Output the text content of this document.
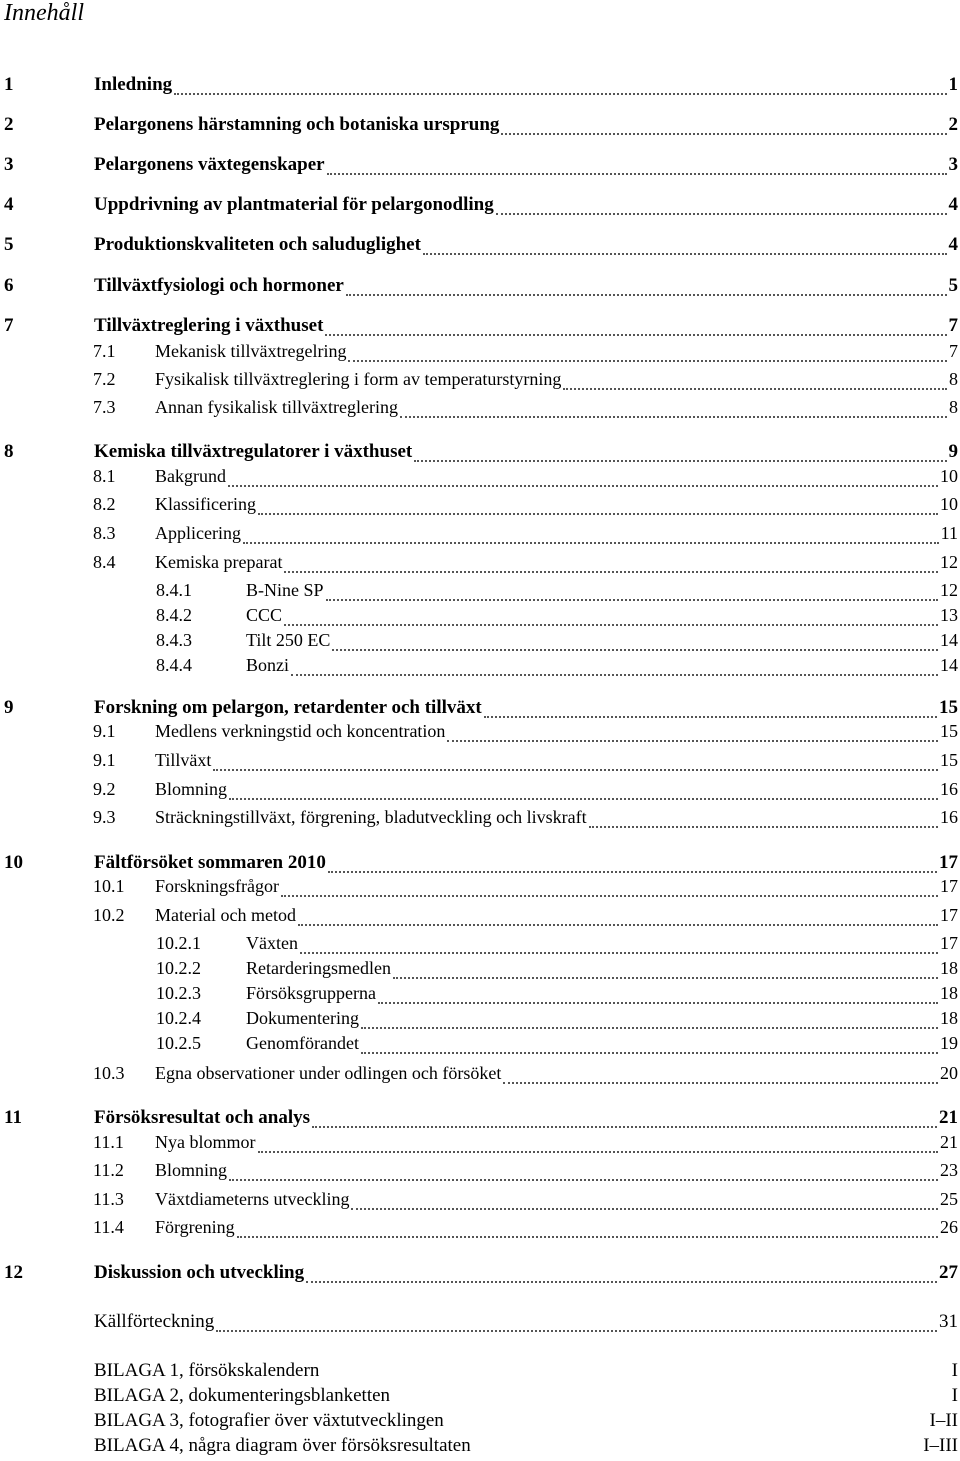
Innehåll
1	Inledning	1
2	Pelargonens härstamning och botaniska ursprung	2
3	Pelargonens växtegenskaper	3
4	Uppdrivning av plantmaterial för pelargonodling	4
5	Produktionskvaliteten och saluduglighet	4
6	Tillväxtfysiologi och hormoner	5
7	Tillväxtreglering i växthuset	7
7.1	Mekanisk tillväxtregelring	7
7.2	Fysikalisk tillväxtreglering i form av temperaturstyrning	8
7.3	Annan fysikalisk tillväxtreglering	8
8	Kemiska tillväxtregulatorer i växthuset	9
8.1	Bakgrund	10
8.2	Klassificering	10
8.3	Applicering	11
8.4	Kemiska preparat	12
8.4.1	B-Nine SP	12
8.4.2	CCC	13
8.4.3	Tilt 250 EC	14
8.4.4	Bonzi	14
9	Forskning om pelargon, retardenter och tillväxt	15
9.1	Medlens verkningstid och koncentration	15
9.1	Tillväxt	15
9.2	Blomning	16
9.3	Sträckningstillväxt, förgrening, bladutveckling och livskraft	16
10	Fältförsöket sommaren 2010	17
10.1	Forskningsfrågor	17
10.2	Material och metod	17
10.2.1	Växten	17
10.2.2	Retarderingsmedlen	18
10.2.3	Försöksgrupperna	18
10.2.4	Dokumentering	18
10.2.5	Genomförandet	19
10.3	Egna observationer under odlingen och försöket	20
11	Försöksresultat och analys	21
11.1	Nya blommor	21
11.2	Blomning	23
11.3	Växtdiameterns utveckling	25
11.4	Förgrening	26
12	Diskussion och utveckling	27
Källförteckning	31
BILAGA 1, försökskalendern	I
BILAGA 2, dokumenteringsblanketten	I
BILAGA 3, fotografier över växtutvecklingen	I–II
BILAGA 4, några diagram över försöksresultaten	I–III
